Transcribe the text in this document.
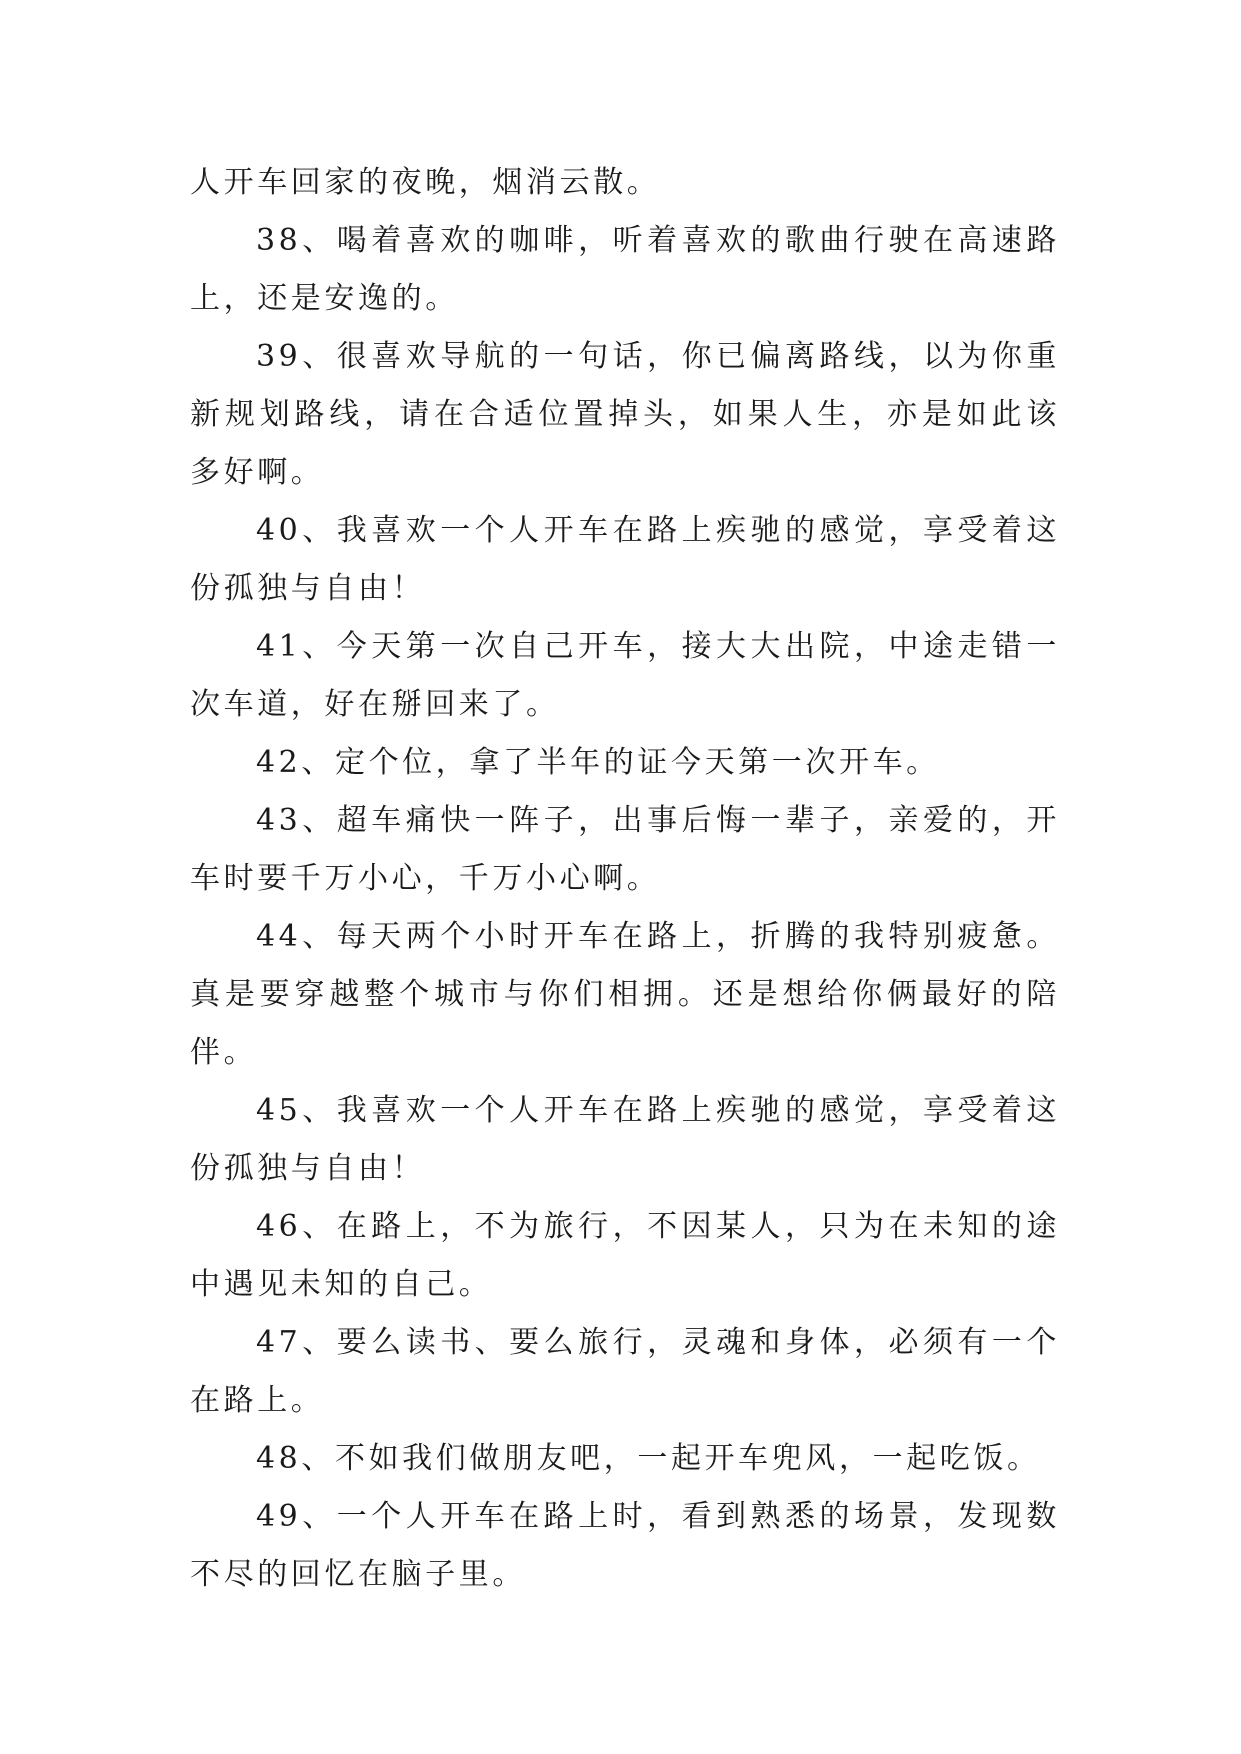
人开车回家的夜晚，烟消云散。

38、喝着喜欢的咖啡，听着喜欢的歌曲行驶在高速路上，还是安逸的。

39、很喜欢导航的一句话，你已偏离路线，以为你重新规划路线，请在合适位置掉头，如果人生，亦是如此该多好啊。

40、我喜欢一个人开车在路上疾驰的感觉，享受着这份孤独与自由！

41、今天第一次自己开车，接大大出院，中途走错一次车道，好在掰回来了。

42、定个位，拿了半年的证今天第一次开车。

43、超车痛快一阵子，出事后悔一辈子，亲爱的，开车时要千万小心，千万小心啊。

44、每天两个小时开车在路上，折腾的我特别疲惫。真是要穿越整个城市与你们相拥。还是想给你俩最好的陪伴。

45、我喜欢一个人开车在路上疾驰的感觉，享受着这份孤独与自由！

46、在路上，不为旅行，不因某人，只为在未知的途中遇见未知的自己。

47、要么读书、要么旅行，灵魂和身体，必须有一个在路上。

48、不如我们做朋友吧，一起开车兜风，一起吃饭。

49、一个人开车在路上时，看到熟悉的场景，发现数不尽的回忆在脑子里。
